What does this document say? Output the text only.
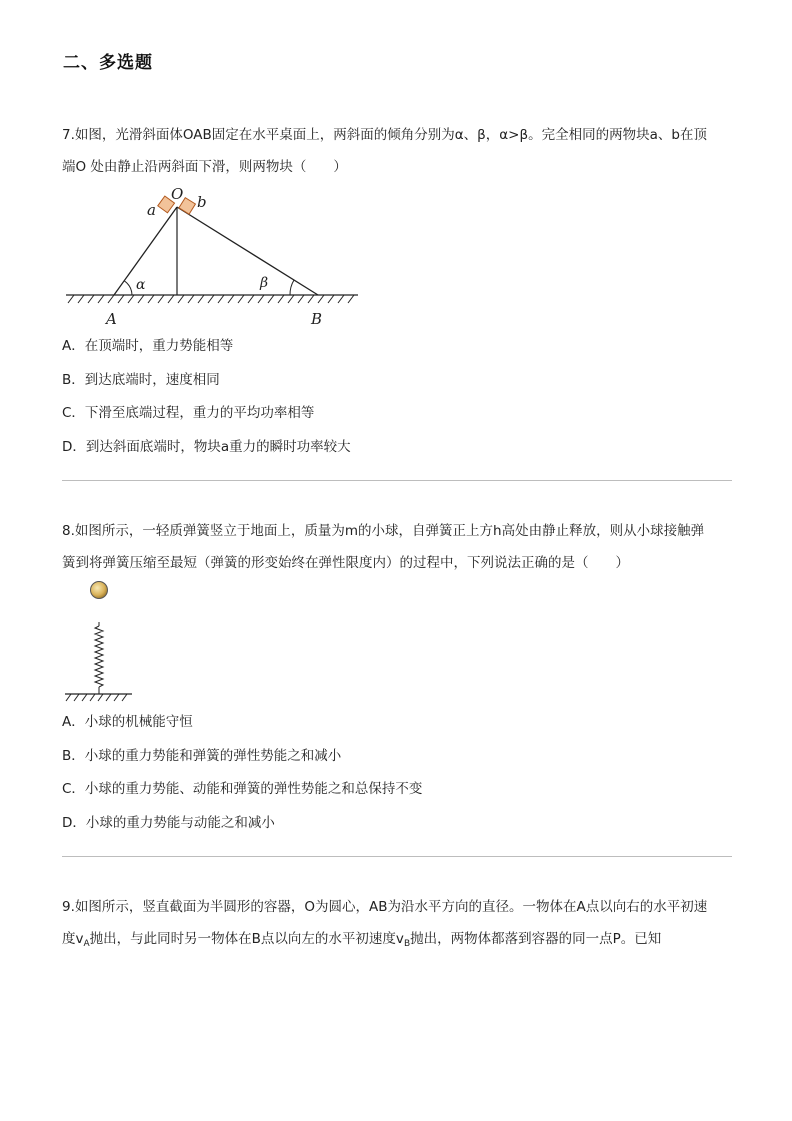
二、多选题
7.如图，光滑斜面体OAB固定在水平桌面上，两斜面的倾角分别为α、β，α>β。完全相同的两物块a、b在顶
端O 处由静止沿两斜面下滑，则两物块（　　）
O
a	b
α	β
A	B
A．在顶端时，重力势能相等
B．到达底端时，速度相同
C．下滑至底端过程，重力的平均功率相等
D．到达斜面底端时，物块a重力的瞬时功率较大
8.如图所示，一轻质弹簧竖立于地面上，质量为m的小球，自弹簧正上方h高处由静止释放，则从小球接触弹
簧到将弹簧压缩至最短（弹簧的形变始终在弹性限度内）的过程中，下列说法正确的是（　　）
A．小球的机械能守恒
B．小球的重力势能和弹簧的弹性势能之和减小
C．小球的重力势能、动能和弹簧的弹性势能之和总保持不变
D．小球的重力势能与动能之和减小
9.如图所示，竖直截面为半圆形的容器，O为圆心，AB为沿水平方向的直径。一物体在A点以向右的水平初速
度$v_A$抛出，与此同时另一物体在B点以向左的水平初速度$v_B$抛出，两物体都落到容器的同一点P。已知
